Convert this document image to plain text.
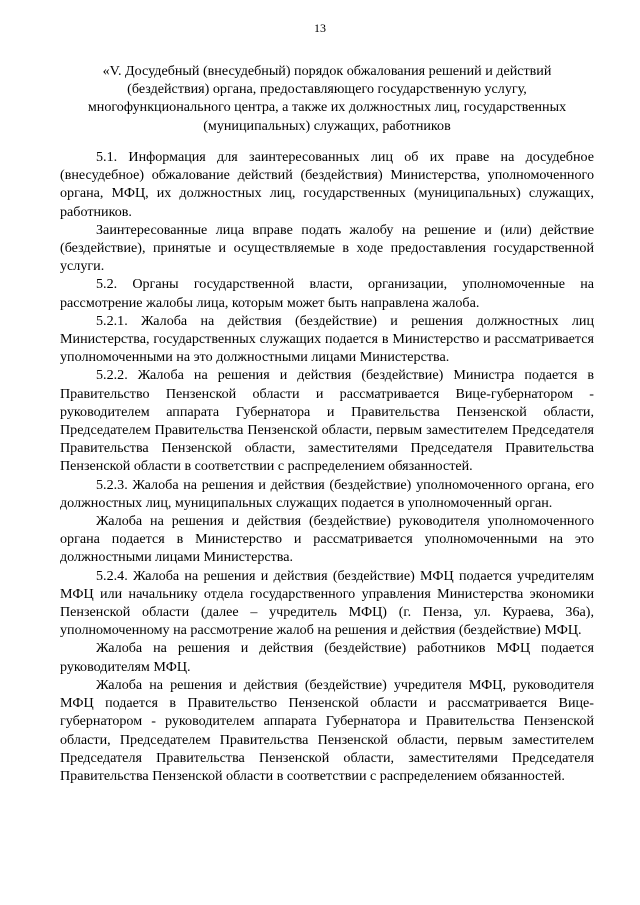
13
«V. Досудебный (внесудебный) порядок обжалования решений и действий (бездействия) органа, предоставляющего государственную услугу, многофункционального центра, а также их должностных лиц, государственных (муниципальных) служащих, работников

5.1. Информация для заинтересованных лиц об их праве на досудебное (внесудебное) обжалование действий (бездействия) Министерства, уполномоченного органа, МФЦ, их должностных лиц, государственных (муниципальных) служащих, работников.

Заинтересованные лица вправе подать жалобу на решение и (или) действие (бездействие), принятые и осуществляемые в ходе предоставления государственной услуги.

5.2. Органы государственной власти, организации, уполномоченные на рассмотрение жалобы лица, которым может быть направлена жалоба.

5.2.1. Жалоба на действия (бездействие) и решения должностных лиц Министерства, государственных служащих подается в Министерство и рассматривается уполномоченными на это должностными лицами Министерства.

5.2.2. Жалоба на решения и действия (бездействие) Министра подается в Правительство Пензенской области и рассматривается Вице-губернатором - руководителем аппарата Губернатора и Правительства Пензенской области, Председателем Правительства Пензенской области, первым заместителем Председателя Правительства Пензенской области, заместителями Председателя Правительства Пензенской области в соответствии с распределением обязанностей.

5.2.3. Жалоба на решения и действия (бездействие) уполномоченного органа, его должностных лиц, муниципальных служащих подается в уполномоченный орган.

Жалоба на решения и действия (бездействие) руководителя уполномоченного органа подается в Министерство и рассматривается уполномоченными на это должностными лицами Министерства.

5.2.4. Жалоба на решения и действия (бездействие) МФЦ подается учредителям МФЦ или начальнику отдела государственного управления Министерства экономики Пензенской области (далее – учредитель МФЦ) (г. Пенза, ул. Кураева, 36а), уполномоченному на рассмотрение жалоб на решения и действия (бездействие) МФЦ.

Жалоба на решения и действия (бездействие) работников МФЦ подается руководителям МФЦ.

Жалоба на решения и действия (бездействие) учредителя МФЦ, руководителя МФЦ подается в Правительство Пензенской области и рассматривается Вице-губернатором - руководителем аппарата Губернатора и Правительства Пензенской области, Председателем Правительства Пензенской области, первым заместителем Председателя Правительства Пензенской области, заместителями Председателя Правительства Пензенской области в соответствии с распределением обязанностей.
